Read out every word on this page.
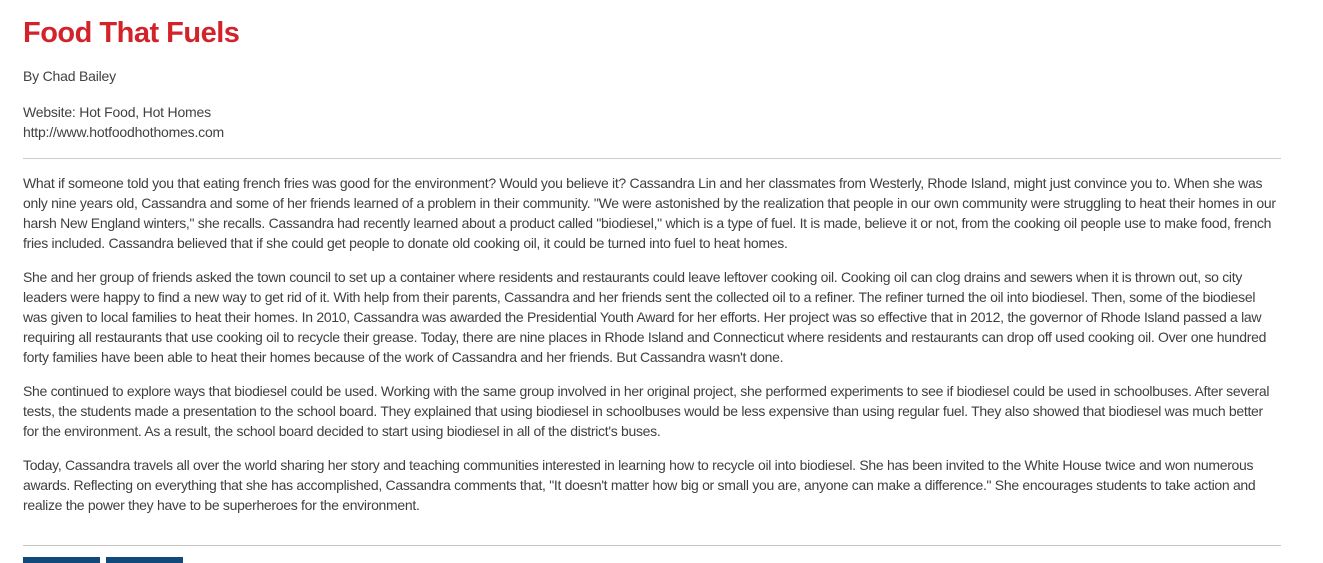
Food That Fuels
By Chad Bailey
Website: Hot Food, Hot Homes
http://www.hotfoodhothomes.com

What if someone told you that eating french fries was good for the environment? Would you believe it? Cassandra Lin and her classmates from Westerly, Rhode Island, might just convince you to. When she was only nine years old, Cassandra and some of her friends learned of a problem in their community. "We were astonished by the realization that people in our own community were struggling to heat their homes in our harsh New England winters," she recalls. Cassandra had recently learned about a product called "biodiesel," which is a type of fuel. It is made, believe it or not, from the cooking oil people use to make food, french fries included. Cassandra believed that if she could get people to donate old cooking oil, it could be turned into fuel to heat homes.

She and her group of friends asked the town council to set up a container where residents and restaurants could leave leftover cooking oil. Cooking oil can clog drains and sewers when it is thrown out, so city leaders were happy to find a new way to get rid of it. With help from their parents, Cassandra and her friends sent the collected oil to a refiner. The refiner turned the oil into biodiesel. Then, some of the biodiesel was given to local families to heat their homes. In 2010, Cassandra was awarded the Presidential Youth Award for her efforts. Her project was so effective that in 2012, the governor of Rhode Island passed a law requiring all restaurants that use cooking oil to recycle their grease. Today, there are nine places in Rhode Island and Connecticut where residents and restaurants can drop off used cooking oil. Over one hundred forty families have been able to heat their homes because of the work of Cassandra and her friends. But Cassandra wasn't done.

She continued to explore ways that biodiesel could be used. Working with the same group involved in her original project, she performed experiments to see if biodiesel could be used in schoolbuses. After several tests, the students made a presentation to the school board. They explained that using biodiesel in schoolbuses would be less expensive than using regular fuel. They also showed that biodiesel was much better for the environment. As a result, the school board decided to start using biodiesel in all of the district's buses.

Today, Cassandra travels all over the world sharing her story and teaching communities interested in learning how to recycle oil into biodiesel. She has been invited to the White House twice and won numerous awards. Reflecting on everything that she has accomplished, Cassandra comments that, "It doesn't matter how big or small you are, anyone can make a difference." She encourages students to take action and realize the power they have to be superheroes for the environment.
